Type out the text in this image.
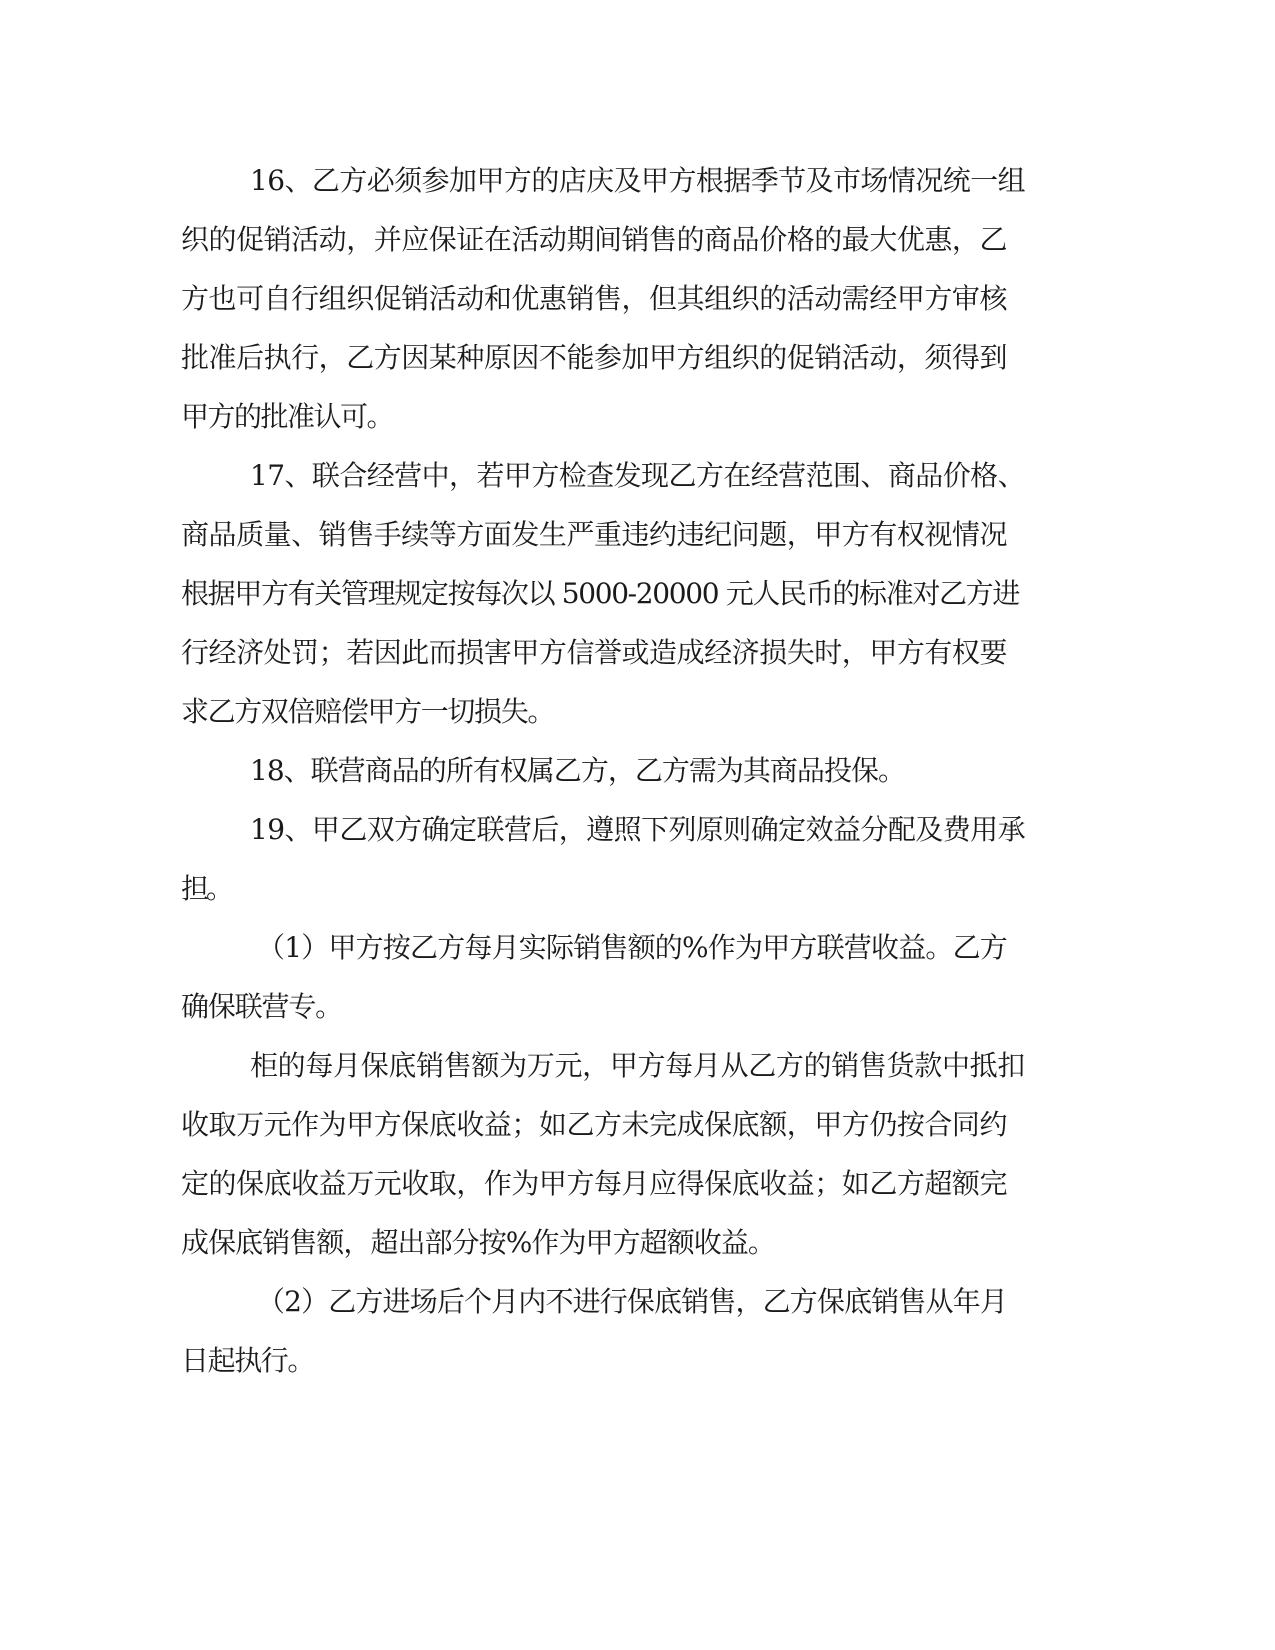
16、乙方必须参加甲方的店庆及甲方根据季节及市场情况统一组
织的促销活动，并应保证在活动期间销售的商品价格的最大优惠，乙
方也可自行组织促销活动和优惠销售，但其组织的活动需经甲方审核
批准后执行，乙方因某种原因不能参加甲方组织的促销活动，须得到
甲方的批准认可。
17、联合经营中，若甲方检查发现乙方在经营范围、商品价格、
商品质量、销售手续等方面发生严重违约违纪问题，甲方有权视情况
根据甲方有关管理规定按每次以 5000-20000 元人民币的标准对乙方进
行经济处罚；若因此而损害甲方信誉或造成经济损失时，甲方有权要
求乙方双倍赔偿甲方一切损失。
18、联营商品的所有权属乙方，乙方需为其商品投保。
19、甲乙双方确定联营后，遵照下列原则确定效益分配及费用承
担。
（1）甲方按乙方每月实际销售额的%作为甲方联营收益。乙方
确保联营专。
柜的每月保底销售额为万元，甲方每月从乙方的销售货款中抵扣
收取万元作为甲方保底收益；如乙方未完成保底额，甲方仍按合同约
定的保底收益万元收取，作为甲方每月应得保底收益；如乙方超额完
成保底销售额，超出部分按%作为甲方超额收益。
（2）乙方进场后个月内不进行保底销售，乙方保底销售从年月
日起执行。
